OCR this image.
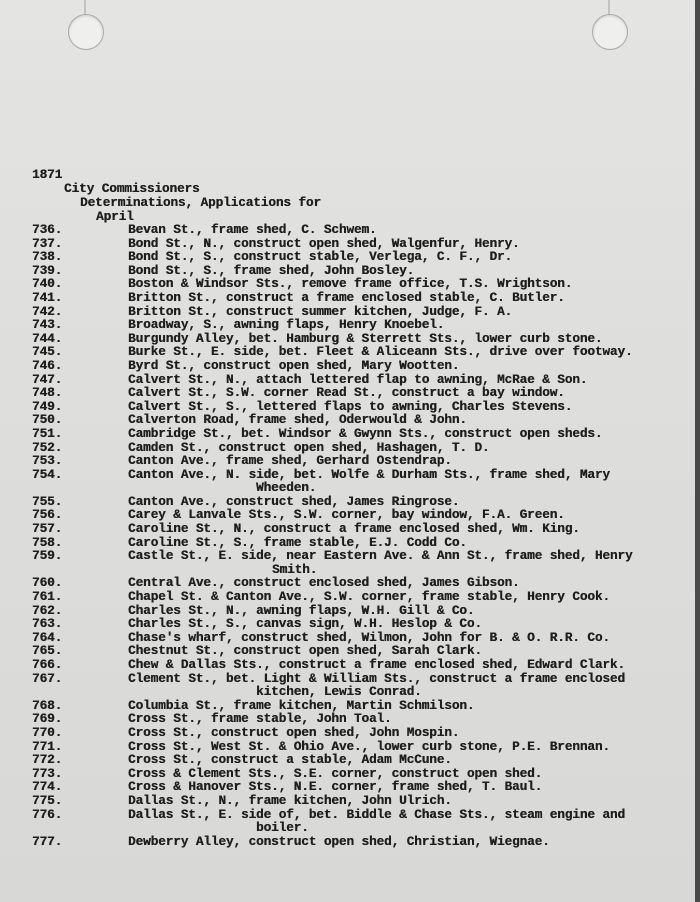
1871
City Commissioners
Determinations, Applications for
April
736.	Bevan St., frame shed, C. Schwem.
737.	Bond St., N., construct open shed, Walgenfur, Henry.
738.	Bond St., S., construct stable, Verlega, C. F., Dr.
739.	Bond St., S., frame shed, John Bosley.
740.	Boston & Windsor Sts., remove frame office, T.S. Wrightson.
741.	Britton St., construct a frame enclosed stable, C. Butler.
742.	Britton St., construct summer kitchen, Judge, F. A.
743.	Broadway, S., awning flaps, Henry Knoebel.
744.	Burgundy Alley, bet. Hamburg & Sterrett Sts., lower curb stone.
745.	Burke St., E. side, bet. Fleet & Aliceann Sts., drive over footway.
746.	Byrd St., construct open shed, Mary Wootten.
747.	Calvert St., N., attach lettered flap to awning, McRae & Son.
748.	Calvert St., S.W. corner Read St., construct a bay window.
749.	Calvert St., S., lettered flaps to awning, Charles Stevens.
750.	Calverton Road, frame shed, Oderwould & John.
751.	Cambridge St., bet. Windsor & Gwynn Sts., construct open sheds.
752.	Camden St., construct open shed, Hashagen, T. D.
753.	Canton Ave., frame shed, Gerhard Ostendrap.
754.	Canton Ave., N. side, bet. Wolfe & Durham Sts., frame shed, Mary
Wheeden.
755.	Canton Ave., construct shed, James Ringrose.
756.	Carey & Lanvale Sts., S.W. corner, bay window, F.A. Green.
757.	Caroline St., N., construct a frame enclosed shed, Wm. King.
758.	Caroline St., S., frame stable, E.J. Codd Co.
759.	Castle St., E. side, near Eastern Ave. & Ann St., frame shed, Henry
Smith.
760.	Central Ave., construct enclosed shed, James Gibson.
761.	Chapel St. & Canton Ave., S.W. corner, frame stable, Henry Cook.
762.	Charles St., N., awning flaps, W.H. Gill & Co.
763.	Charles St., S., canvas sign, W.H. Heslop & Co.
764.	Chase's wharf, construct shed, Wilmon, John for B. & O. R.R. Co.
765.	Chestnut St., construct open shed, Sarah Clark.
766.	Chew & Dallas Sts., construct a frame enclosed shed, Edward Clark.
767.	Clement St., bet. Light & William Sts., construct a frame enclosed
kitchen, Lewis Conrad.
768.	Columbia St., frame kitchen, Martin Schmilson.
769.	Cross St., frame stable, John Toal.
770.	Cross St., construct open shed, John Mospin.
771.	Cross St., West St. & Ohio Ave., lower curb stone, P.E. Brennan.
772.	Cross St., construct a stable, Adam McCune.
773.	Cross & Clement Sts., S.E. corner, construct open shed.
774.	Cross & Hanover Sts., N.E. corner, frame shed, T. Baul.
775.	Dallas St., N., frame kitchen, John Ulrich.
776.	Dallas St., E. side of, bet. Biddle & Chase Sts., steam engine and
boiler.
777.	Dewberry Alley, construct open shed, Christian, Wiegnae.
